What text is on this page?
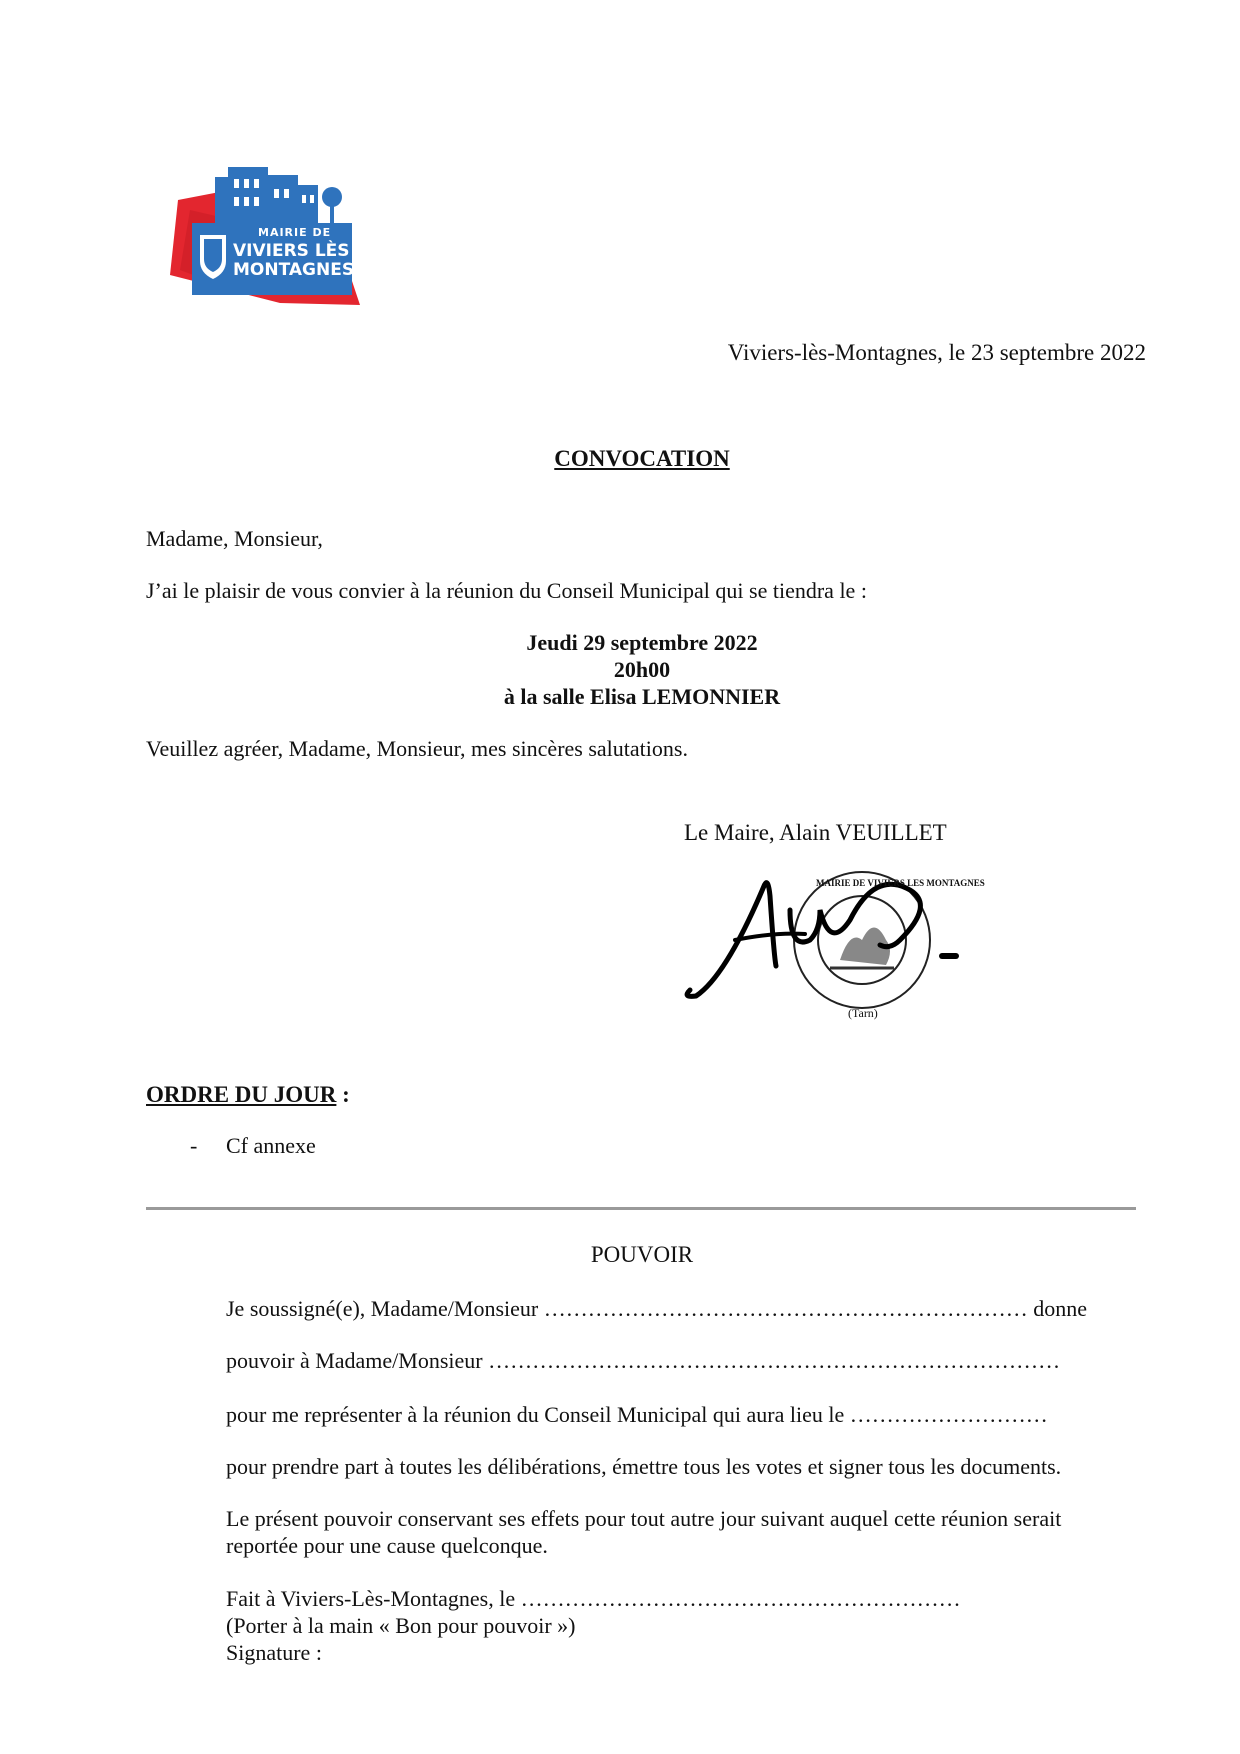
MAIRIE DE
VIVIERS LÈS
MONTAGNES
Viviers-lès-Montagnes, le 23 septembre 2022
CONVOCATION
Madame, Monsieur,
J’ai le plaisir de vous convier à la réunion du Conseil Municipal qui se tiendra le :
Jeudi 29 septembre 2022
20h00
à la salle Elisa LEMONNIER
Veuillez agréer, Madame, Monsieur, mes sincères salutations.
Le Maire, Alain VEUILLET
(Tarn)
MAIRIE DE VIVIERS LES MONTAGNES
ORDRE DU JOUR :
- Cf annexe
POUVOIR
Je soussigné(e), Madame/Monsieur ………………………………………………………… donne
pouvoir à Madame/Monsieur ……………………………………………………………………
pour me représenter à la réunion du Conseil Municipal qui aura lieu le ………………………
pour prendre part à toutes les délibérations, émettre tous les votes et signer tous les documents.
Le présent pouvoir conservant ses effets pour tout autre jour suivant auquel cette réunion serait
reportée pour une cause quelconque.
Fait à Viviers-Lès-Montagnes, le ……………………………………………………
(Porter à la main « Bon pour pouvoir »)
Signature :
